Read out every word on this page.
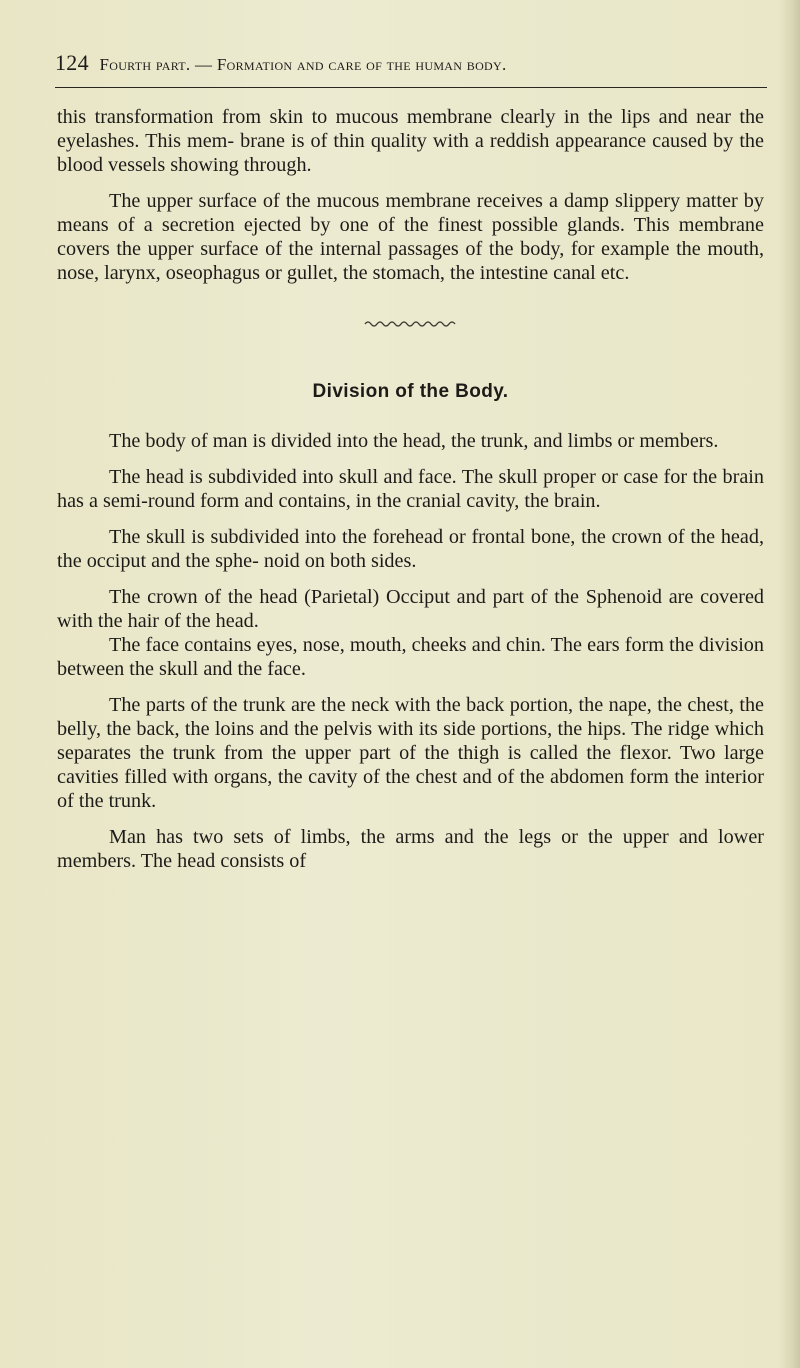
124 Fourth part. — Formation and care of the human body.

this transformation from skin to mucous membrane clearly in the lips and near the eyelashes. This mem- brane is of thin quality with a reddish appearance caused by the blood vessels showing through.

The upper surface of the mucous membrane receives a damp slippery matter by means of a secretion ejected by one of the finest possible glands. This membrane covers the upper surface of the internal passages of the body, for example the mouth, nose, larynx, oseophagus or gullet, the stomach, the intestine canal etc.

Division of the Body.

The body of man is divided into the head, the trunk, and limbs or members.

The head is subdivided into skull and face. The skull proper or case for the brain has a semi-round form and contains, in the cranial cavity, the brain.

The skull is subdivided into the forehead or frontal bone, the crown of the head, the occiput and the sphe- noid on both sides.

The crown of the head (Parietal) Occiput and part of the Sphenoid are covered with the hair of the head.

The face contains eyes, nose, mouth, cheeks and chin. The ears form the division between the skull and the face.

The parts of the trunk are the neck with the back portion, the nape, the chest, the belly, the back, the loins and the pelvis with its side portions, the hips. The ridge which separates the trunk from the upper part of the thigh is called the flexor. Two large cavities filled with organs, the cavity of the chest and of the abdomen form the interior of the trunk.

Man has two sets of limbs, the arms and the legs or the upper and lower members. The head consists of
